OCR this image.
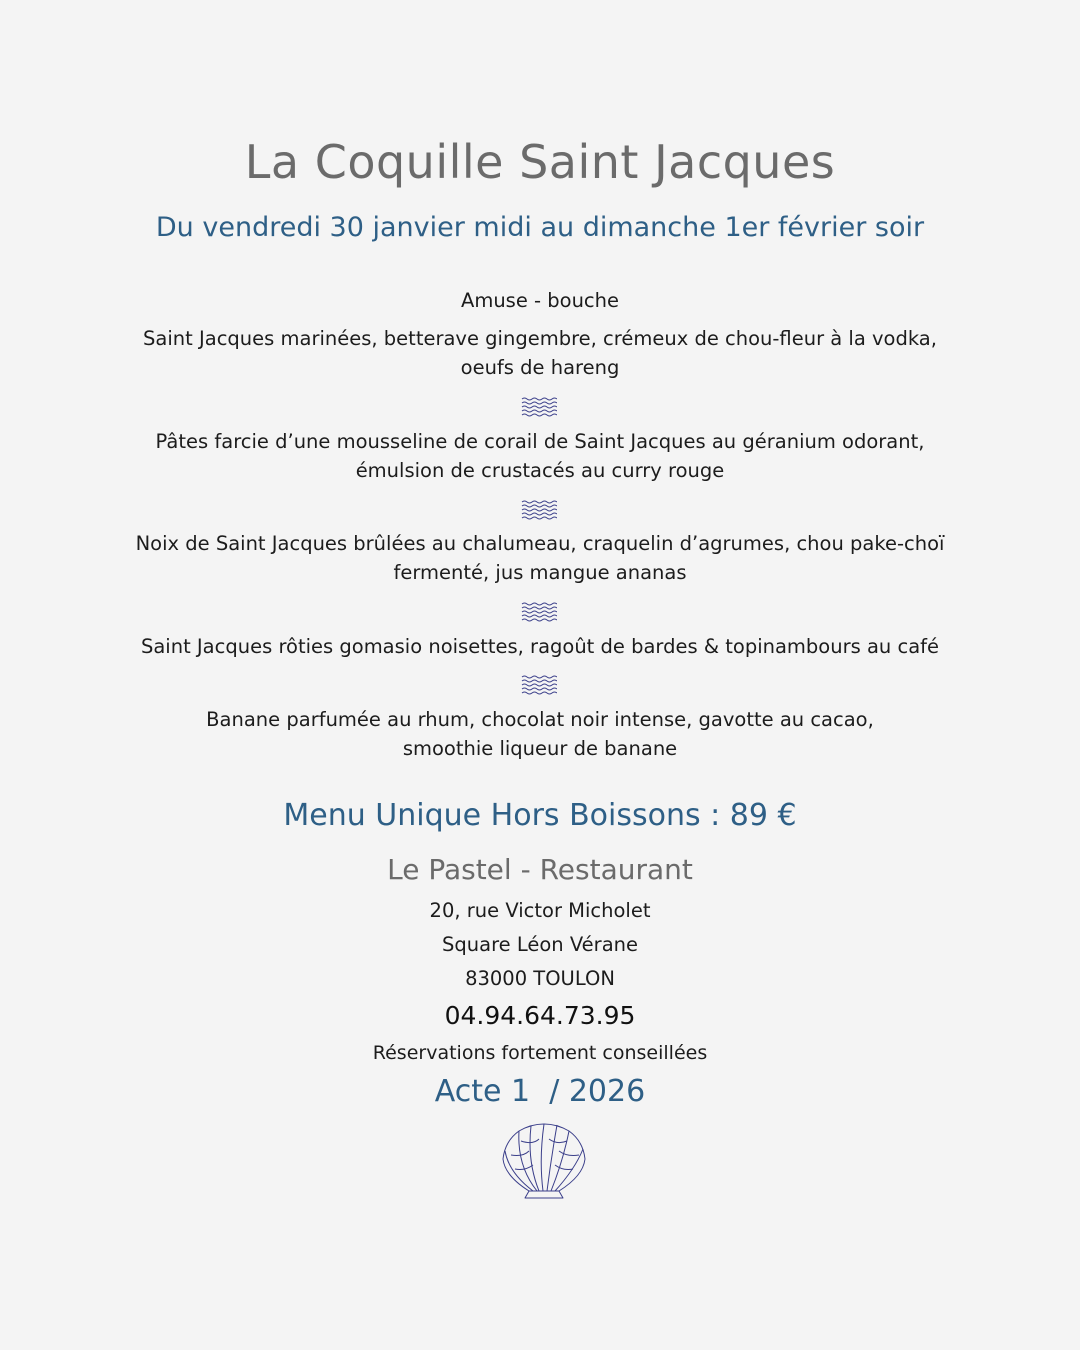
La Coquille Saint Jacques
Du vendredi 30 janvier midi au dimanche 1er février soir
Amuse - bouche
Saint Jacques marinées, betterave gingembre, crémeux de chou-fleur à la vodka,
oeufs de hareng
Pâtes farcie d’une mousseline de corail de Saint Jacques au géranium odorant,
émulsion de crustacés au curry rouge
Noix de Saint Jacques brûlées au chalumeau, craquelin d’agrumes, chou pake-choï
fermenté, jus mangue ananas
Saint Jacques rôties gomasio noisettes, ragoût de bardes & topinambours au café
Banane parfumée au rhum, chocolat noir intense, gavotte au cacao,
smoothie liqueur de banane
Menu Unique Hors Boissons : 89 €
Le Pastel - Restaurant
20, rue Victor Micholet
Square Léon Vérane
83000 TOULON
04.94.64.73.95
Réservations fortement conseillées
Acte 1  / 2026
